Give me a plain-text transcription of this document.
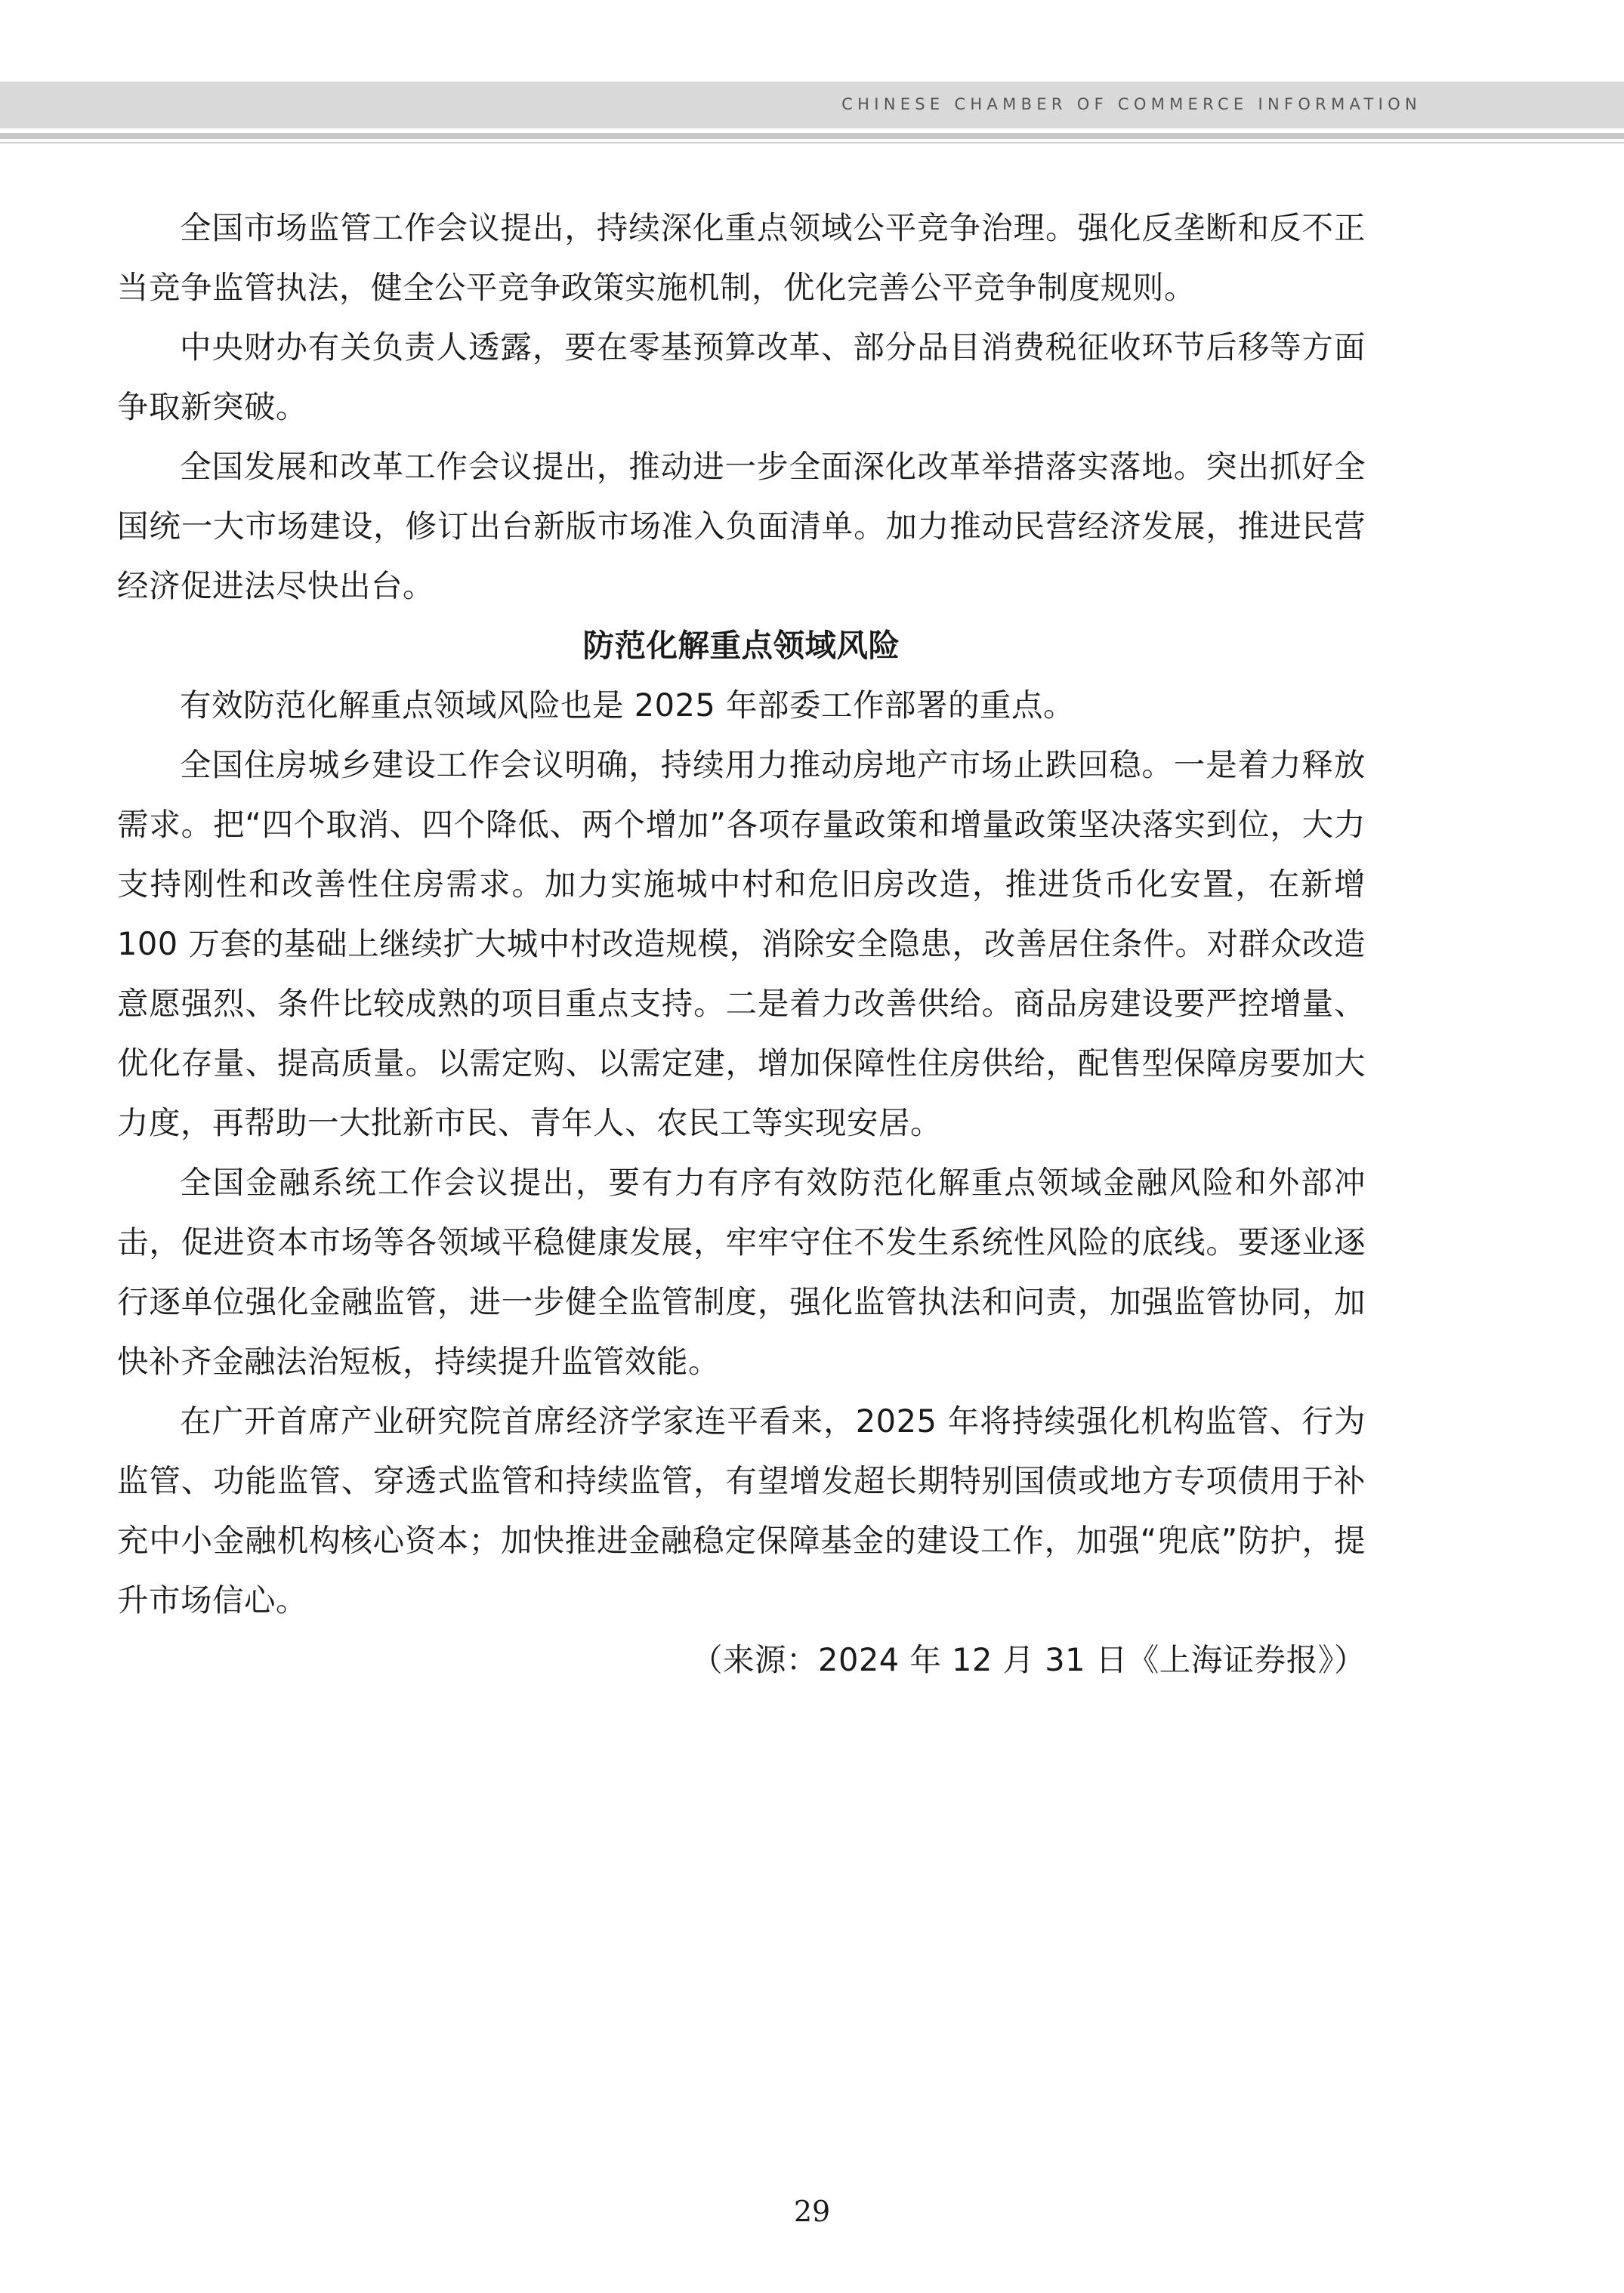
CHINESE CHAMBER OF COMMERCE INFORMATION

全国市场监管工作会议提出，持续深化重点领域公平竞争治理。强化反垄断和反不正当竞争监管执法，健全公平竞争政策实施机制，优化完善公平竞争制度规则。

中央财办有关负责人透露，要在零基预算改革、部分品目消费税征收环节后移等方面争取新突破。

全国发展和改革工作会议提出，推动进一步全面深化改革举措落实落地。突出抓好全国统一大市场建设，修订出台新版市场准入负面清单。加力推动民营经济发展，推进民营经济促进法尽快出台。

防范化解重点领域风险

有效防范化解重点领域风险也是 2025 年部委工作部署的重点。

全国住房城乡建设工作会议明确，持续用力推动房地产市场止跌回稳。一是着力释放需求。把“四个取消、四个降低、两个增加”各项存量政策和增量政策坚决落实到位，大力支持刚性和改善性住房需求。加力实施城中村和危旧房改造，推进货币化安置，在新增 100 万套的基础上继续扩大城中村改造规模，消除安全隐患，改善居住条件。对群众改造意愿强烈、条件比较成熟的项目重点支持。二是着力改善供给。商品房建设要严控增量、优化存量、提高质量。以需定购、以需定建，增加保障性住房供给，配售型保障房要加大力度，再帮助一大批新市民、青年人、农民工等实现安居。

全国金融系统工作会议提出，要有力有序有效防范化解重点领域金融风险和外部冲击，促进资本市场等各领域平稳健康发展，牢牢守住不发生系统性风险的底线。要逐业逐行逐单位强化金融监管，进一步健全监管制度，强化监管执法和问责，加强监管协同，加快补齐金融法治短板，持续提升监管效能。

在广开首席产业研究院首席经济学家连平看来，2025 年将持续强化机构监管、行为监管、功能监管、穿透式监管和持续监管，有望增发超长期特别国债或地方专项债用于补充中小金融机构核心资本；加快推进金融稳定保障基金的建设工作，加强“兜底”防护，提升市场信心。

（来源：2024 年 12 月 31 日《上海证券报》）

29
